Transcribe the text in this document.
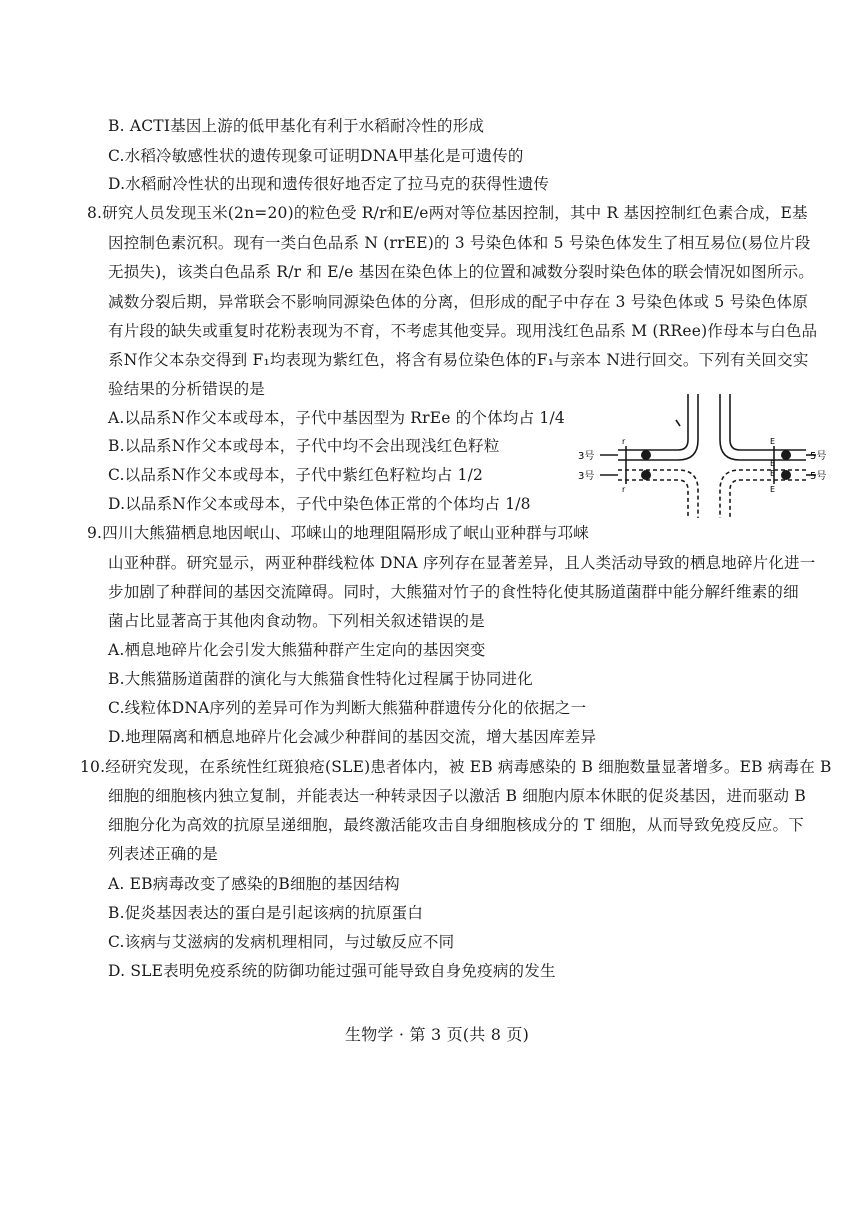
B. ACTI基因上游的低甲基化有利于水稻耐冷性的形成
C.水稻冷敏感性状的遗传现象可证明DNA甲基化是可遗传的
D.水稻耐冷性状的出现和遗传很好地否定了拉马克的获得性遗传
8.研究人员发现玉米(2n=20)的粒色受 R/r和E/e两对等位基因控制，其中 R 基因控制红色素合成，E基
因控制色素沉积。现有一类白色品系 N (rrEE)的 3 号染色体和 5 号染色体发生了相互易位(易位片段
无损失)，该类白色品系 R/r 和 E/e 基因在染色体上的位置和减数分裂时染色体的联会情况如图所示。
减数分裂后期，异常联会不影响同源染色体的分离，但形成的配子中存在 3 号染色体或 5 号染色体原
有片段的缺失或重复时花粉表现为不育，不考虑其他变异。现用浅红色品系 M (RRee)作母本与白色品
系N作父本杂交得到 F₁均表现为紫红色，将含有易位染色体的F₁与亲本 N进行回交。下列有关回交实
验结果的分析错误的是
A.以品系N作父本或母本，子代中基因型为 RrEe 的个体均占 1/4
B.以品系N作父本或母本，子代中均不会出现浅红色籽粒
C.以品系N作父本或母本，子代中紫红色籽粒均占 1/2
D.以品系N作父本或母本，子代中染色体正常的个体均占 1/8
3号
3号
5号
5号
r
r
E
E
E
E
9.四川大熊猫栖息地因岷山、邛崃山的地理阻隔形成了岷山亚种群与邛崃
山亚种群。研究显示，两亚种群线粒体 DNA 序列存在显著差异，且人类活动导致的栖息地碎片化进一
步加剧了种群间的基因交流障碍。同时，大熊猫对竹子的食性特化使其肠道菌群中能分解纤维素的细
菌占比显著高于其他肉食动物。下列相关叙述错误的是
A.栖息地碎片化会引发大熊猫种群产生定向的基因突变
B.大熊猫肠道菌群的演化与大熊猫食性特化过程属于协同进化
C.线粒体DNA序列的差异可作为判断大熊猫种群遗传分化的依据之一
D.地理隔离和栖息地碎片化会减少种群间的基因交流，增大基因库差异
10.经研究发现，在系统性红斑狼疮(SLE)患者体内，被 EB 病毒感染的 B 细胞数量显著增多。EB 病毒在 B
细胞的细胞核内独立复制，并能表达一种转录因子以激活 B 细胞内原本休眠的促炎基因，进而驱动 B
细胞分化为高效的抗原呈递细胞，最终激活能攻击自身细胞核成分的 T 细胞，从而导致免疫反应。下
列表述正确的是
A. EB病毒改变了感染的B细胞的基因结构
B.促炎基因表达的蛋白是引起该病的抗原蛋白
C.该病与艾滋病的发病机理相同，与过敏反应不同
D. SLE表明免疫系统的防御功能过强可能导致自身免疫病的发生
生物学 · 第 3 页(共 8 页)
